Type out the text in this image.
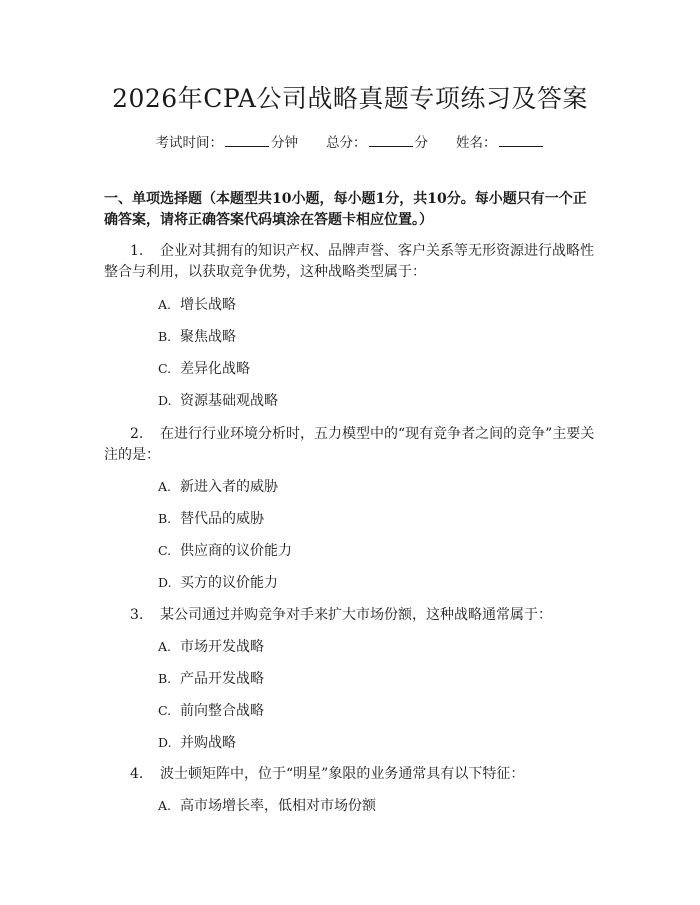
2026年CPA公司战略真题专项练习及答案
考试时间：	分钟 总分：	分 姓名：
一、单项选择题（本题型共10小题，每小题1分，共10分。每小题只有一个正确答案，请将正确答案代码填涂在答题卡相应位置。）
1. 企业对其拥有的知识产权、品牌声誉、客户关系等无形资源进行战略性整合与利用，以获取竞争优势，这种战略类型属于：
A. 增长战略
B. 聚焦战略
C. 差异化战略
D. 资源基础观战略
2. 在进行行业环境分析时，五力模型中的“现有竞争者之间的竞争”主要关注的是：
A. 新进入者的威胁
B. 替代品的威胁
C. 供应商的议价能力
D. 买方的议价能力
3. 某公司通过并购竞争对手来扩大市场份额，这种战略通常属于：
A. 市场开发战略
B. 产品开发战略
C. 前向整合战略
D. 并购战略
4. 波士顿矩阵中，位于“明星”象限的业务通常具有以下特征：
A. 高市场增长率，低相对市场份额
